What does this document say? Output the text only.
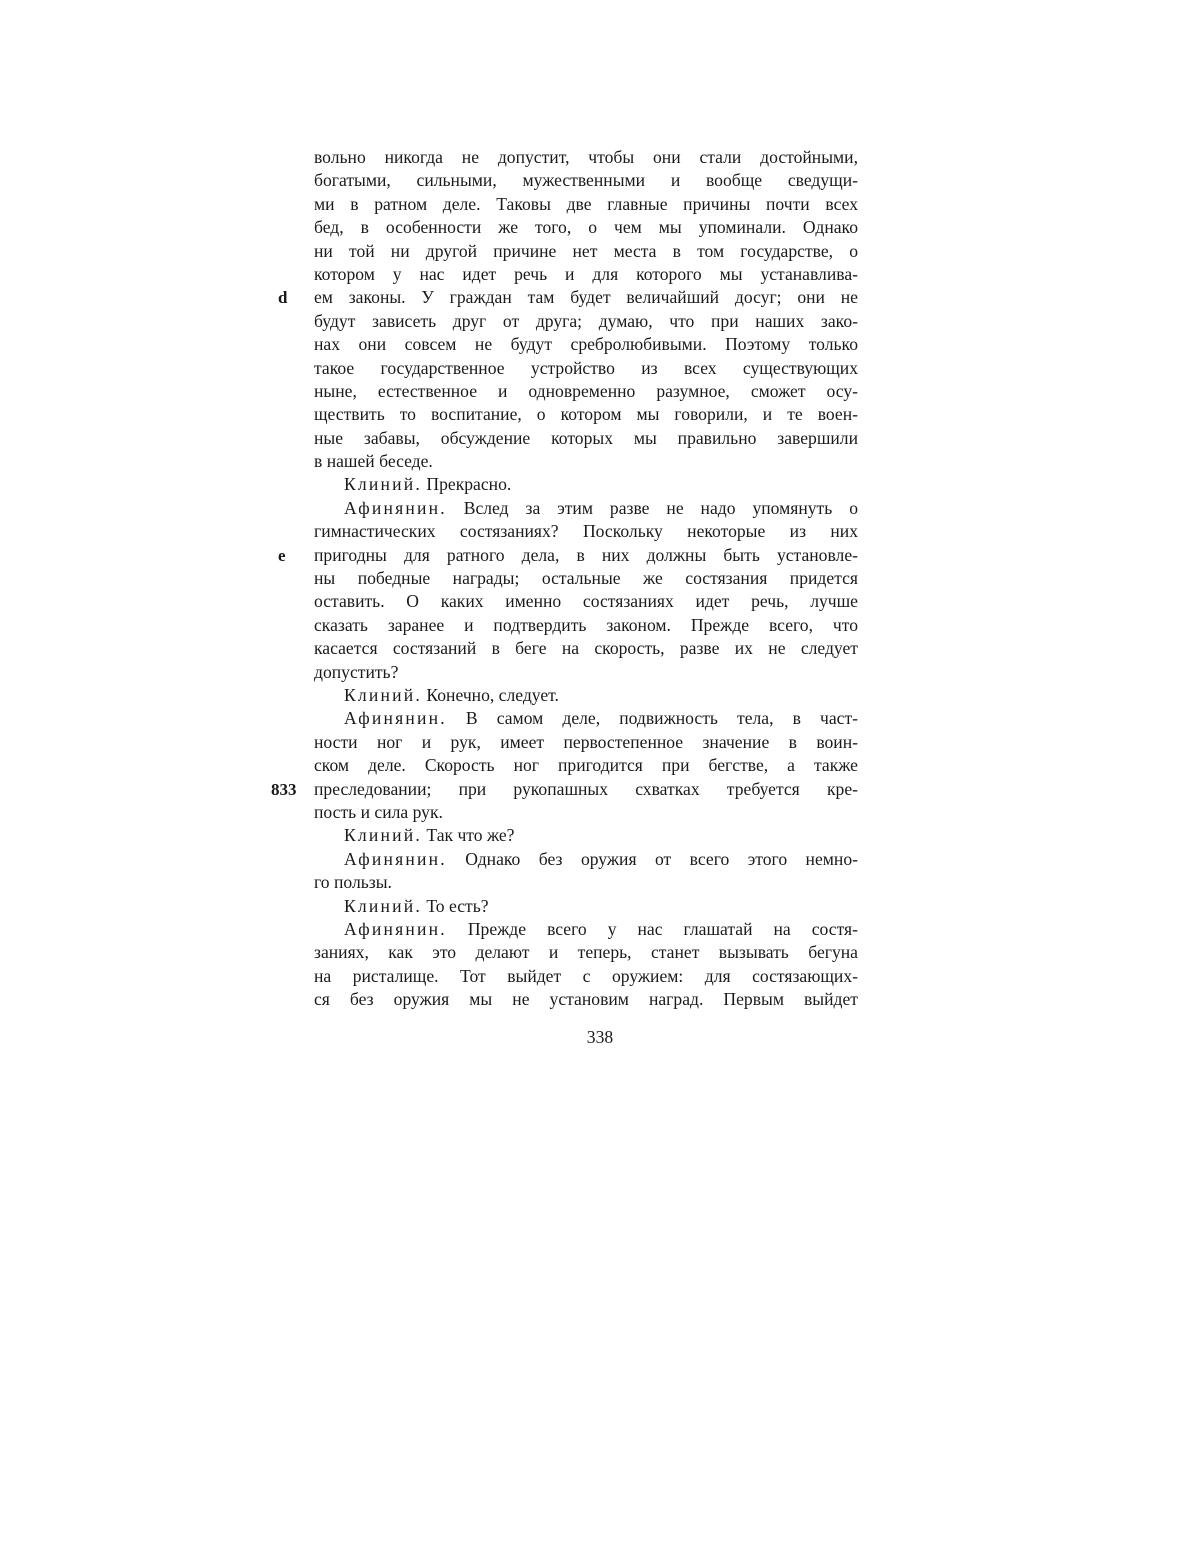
вольно никогда не допустит, чтобы они стали достойными,
богатыми, сильными, мужественными и вообще сведущи-
ми в ратном деле. Таковы две главные причины почти всех
бед, в особенности же того, о чем мы упоминали. Однако
ни той ни другой причине нет места в том государстве, о
котором у нас идет речь и для которого мы устанавлива-
ем законы. У граждан там будет величайший досуг; они не
будут зависеть друг от друга; думаю, что при наших зако-
нах они совсем не будут сребролюбивыми. Поэтому только
такое государственное устройство из всех существующих
ныне, естественное и одновременно разумное, сможет осу-
ществить то воспитание, о котором мы говорили, и те воен-
ные забавы, обсуждение которых мы правильно завершили
в нашей беседе.
Клиний. Прекрасно.
Афинянин. Вслед за этим разве не надо упомянуть о
гимнастических состязаниях? Поскольку некоторые из них
пригодны для ратного дела, в них должны быть установле-
ны победные награды; остальные же состязания придется
оставить. О каких именно состязаниях идет речь, лучше
сказать заранее и подтвердить законом. Прежде всего, что
касается состязаний в беге на скорость, разве их не следует
допустить?
Клиний. Конечно, следует.
Афинянин. В самом деле, подвижность тела, в част-
ности ног и рук, имеет первостепенное значение в воин-
ском деле. Скорость ног пригодится при бегстве, а также
преследовании; при рукопашных схватках требуется кре-
пость и сила рук.
Клиний. Так что же?
Афинянин. Однако без оружия от всего этого немно-
го пользы.
Клиний. То есть?
Афинянин. Прежде всего у нас глашатай на состя-
заниях, как это делают и теперь, станет вызывать бегуна
на ристалище. Тот выйдет с оружием: для состязающих-
ся без оружия мы не установим наград. Первым выйдет
d
e
833
338
